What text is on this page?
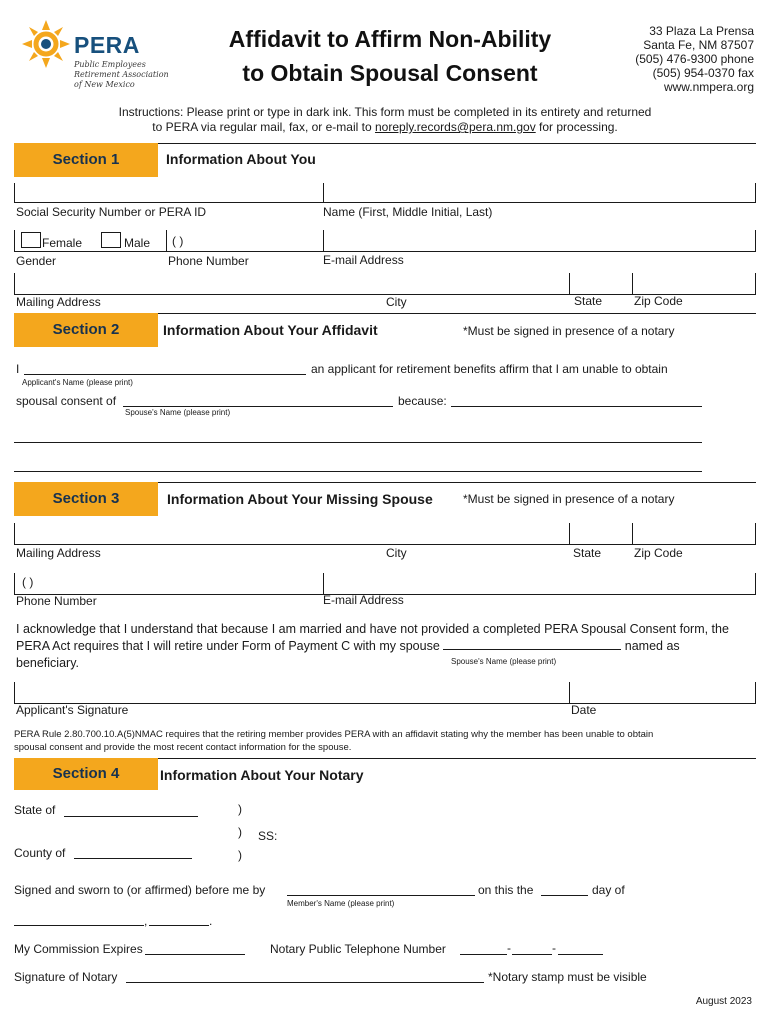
PERA
Public Employees
Retirement Association
of New Mexico
Affidavit to Affirm Non-Ability
to Obtain Spousal Consent
33 Plaza La Prensa
Santa Fe, NM 87507
(505) 476-9300 phone
(505) 954-0370 fax
www.nmpera.org
Instructions: Please print or type in dark ink. This form must be completed in its entirety and returned
to PERA via regular mail, fax, or e-mail to noreply.records@pera.nm.gov for processing.
Section 1	Information About You
Social Security Number or PERA ID	Name (First, Middle Initial, Last)
Female	Male ( )
Gender	Phone Number	E-mail Address
Mailing Address	City	State	Zip Code
Section 2	Information About Your Affidavit	*Must be signed in presence of a notary
I	an applicant for retirement benefits affirm that I am unable to obtain
Applicant's Name (please print)
spousal consent of	because:
Spouse's Name (please print)
Section 3	Information About Your Missing Spouse	*Must be signed in presence of a notary
Mailing Address	City	State	Zip Code
( )
Phone Number	E-mail Address
I acknowledge that I understand that because I am married and have not provided a completed PERA Spousal Consent form, the
PERA Act requires that I will retire under Form of Payment C with my spouse	named as
beneficiary.	Spouse's Name (please print)
Applicant's Signature	Date
PERA Rule 2.80.700.10.A(5)NMAC requires that the retiring member provides PERA with an affidavit stating why the member has been unable to obtain
spousal consent and provide the most recent contact information for the spouse.
Section 4	Information About Your Notary
State of	)
) SS:
)
County of
Signed and sworn to (or affirmed) before me by	on this the	day of
Member's Name (please print)
,	.
My Commission Expires	Notary Public Telephone Number	-	-
Signature of Notary	*Notary stamp must be visible
August 2023
